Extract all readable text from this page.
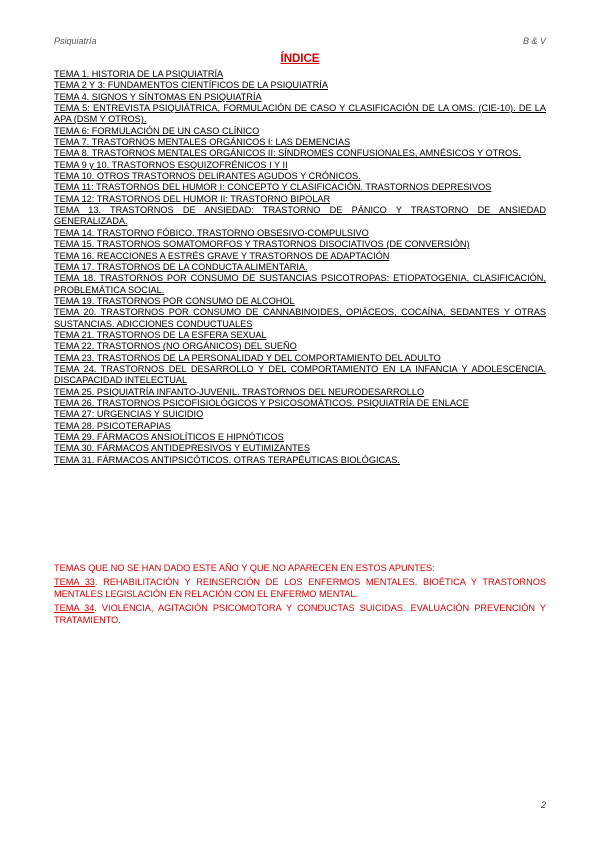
Psiquiatría	B & V
ÍNDICE

TEMA 1. HISTORIA DE LA PSIQUIATRÍA

TEMA 2 Y 3: FUNDAMENTOS CIENTÍFICOS DE LA PSIQUIATRÍA

TEMA 4. SIGNOS Y SÍNTOMAS EN PSIQUIATRÍA

TEMA 5: ENTREVISTA PSIQUIÁTRICA, FORMULACIÓN DE CASO Y CLASIFICACIÓN DE LA OMS. (CIE-10). DE LA APA (DSM Y OTROS).

TEMA 6: FORMULACIÓN DE UN CASO CLÍNICO

TEMA 7. TRASTORNOS MENTALES ORGÁNICOS I: LAS DEMENCIAS

TEMA 8. TRASTORNOS MENTALES ORGÁNICOS II: SÍNDROMES CONFUSIONALES, AMNÉSICOS Y OTROS.

TEMA 9 y 10. TRASTORNOS ESQUIZOFRÉNICOS I Y II

TEMA 10. OTROS TRASTORNOS DELIRANTES AGUDOS Y CRÓNICOS.

TEMA 11: TRASTORNOS DEL HUMOR I: CONCEPTO Y CLASIFICACIÓN. TRASTORNOS DEPRESIVOS

TEMA 12: TRASTORNOS DEL HUMOR II: TRASTORNO BIPOLAR

TEMA 13. TRASTORNOS DE ANSIEDAD: TRASTORNO DE PÁNICO Y TRASTORNO DE ANSIEDAD GENERALIZADA.

TEMA 14. TRASTORNO FÓBICO. TRASTORNO OBSESIVO-COMPULSIVO

TEMA 15. TRASTORNOS SOMATOMORFOS Y TRASTORNOS DISOCIATIVOS (DE CONVERSIÓN)

TEMA 16. REACCIONES A ESTRÉS GRAVE Y TRASTORNOS DE ADAPTACIÓN

TEMA 17. TRASTORNOS DE LA CONDUCTA ALIMENTARIA.

TEMA 18. TRASTORNOS POR CONSUMO DE SUSTANCIAS PSICOTROPAS: ETIOPATOGENIA, CLASIFICACIÓN, PROBLEMÁTICA SOCIAL.

TEMA 19. TRASTORNOS POR CONSUMO DE ALCOHOL

TEMA 20. TRASTORNOS POR CONSUMO DE CANNABINOIDES, OPIÁCEOS, COCAÍNA, SEDANTES Y OTRAS SUSTANCIAS. ADICCIONES CONDUCTUALES

TEMA 21. TRASTORNOS DE LA ESFERA SEXUAL

TEMA 22. TRASTORNOS (NO ORGÁNICOS) DEL SUEÑO

TEMA 23. TRASTORNOS DE LA PERSONALIDAD Y DEL COMPORTAMIENTO DEL ADULTO

TEMA 24. TRASTORNOS DEL DESARROLLO Y DEL COMPORTAMIENTO EN LA INFANCIA Y ADOLESCENCIA. DISCAPACIDAD INTELECTUAL

TEMA 25. PSIQUIATRÍA INFANTO-JUVENIL. TRASTORNOS DEL NEURODESARROLLO

TEMA 26. TRASTORNOS PSICOFISIOLÓGICOS Y PSICOSOMÁTICOS. PSIQUIATRÍA DE ENLACE

TEMA 27: URGENCIAS Y SUICIDIO

TEMA 28. PSICOTERAPIAS

TEMA 29. FÁRMACOS ANSIOLÍTICOS E HIPNÓTICOS

TEMA 30. FÁRMACOS ANTIDEPRESIVOS Y EUTIMIZANTES

TEMA 31. FÁRMACOS ANTIPSICÓTICOS. OTRAS TERAPÉUTICAS BIOLÓGICAS.

TEMAS QUE NO SE HAN DADO ESTE AÑO Y QUE NO APARECEN EN ESTOS APUNTES:

TEMA 33. REHABILITACIÓN Y REINSERCIÓN DE LOS ENFERMOS MENTALES. BIOÉTICA Y TRASTORNOS MENTALES LEGISLACIÓN EN RELACIÓN CON EL ENFERMO MENTAL.

TEMA 34. VIOLENCIA, AGITACIÓN PSICOMOTORA Y CONDUCTAS SUICIDAS. EVALUACIÓN PREVENCIÓN Y TRATAMIENTO.

2
